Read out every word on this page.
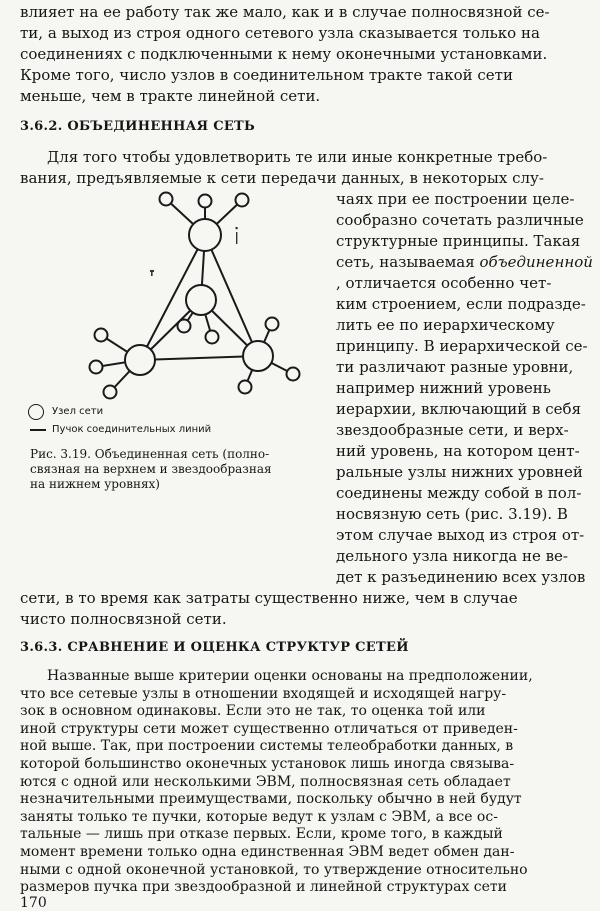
влияет на ее работу так же мало, как и в случае полносвязной се-
ти, а выход из строя одного сетевого узла сказывается только на
соединениях с подключенными к нему оконечными установками.
Кроме того, число узлов в соединительном тракте такой сети
меньше, чем в тракте линейной сети.
3.6.2. ОБЪЕДИНЕННАЯ СЕТЬ
Для того чтобы удовлетворить те или иные конкретные требо-
вания, предъявляемые к сети передачи данных, в некоторых слу-
чаях при ее построении целе-
сообразно сочетать различные
структурные принципы. Такая
сеть, называемая объединенной
, отличается особенно чет-
ким строением, если подразде-
лить ее по иерархическому
принципу. В иерархической се-
ти различают разные уровни,
например нижний уровень
иерархии, включающий в себя
звездообразные сети, и верх-
ний уровень, на котором цент-
ральные узлы нижних уровней
соединены между собой в пол-
носвязную сеть (рис. 3.19). В
этом случае выход из строя от-
дельного узла никогда не ве-
дет к разъединению всех узлов
сети, в то время как затраты существенно ниже, чем в случае
чисто полносвязной сети.
Узел сети
Пучок соединительных линий
Рис. 3.19. Объединенная сеть (полно-
связная на верхнем и звездообразная
на нижнем уровнях)
3.6.3. СРАВНЕНИЕ И ОЦЕНКА СТРУКТУР СЕТЕЙ
170
Названные выше критерии оценки основаны на предположении,
что все сетевые узлы в отношении входящей и исходящей нагру-
зок в основном одинаковы. Если это не так, то оценка той или
иной структуры сети может существенно отличаться от приведен-
ной выше. Так, при построении системы телеобработки данных, в
которой большинство оконечных установок лишь иногда связыва-
ются с одной или несколькими ЭВМ, полносвязная сеть обладает
незначительными преимуществами, поскольку обычно в ней будут
заняты только те пучки, которые ведут к узлам с ЭВМ, а все ос-
тальные — лишь при отказе первых. Если, кроме того, в каждый
момент времени только одна единственная ЭВМ ведет обмен дан-
ными с одной оконечной установкой, то утверждение относительно
размеров пучка при звездообразной и линейной структурах сети
